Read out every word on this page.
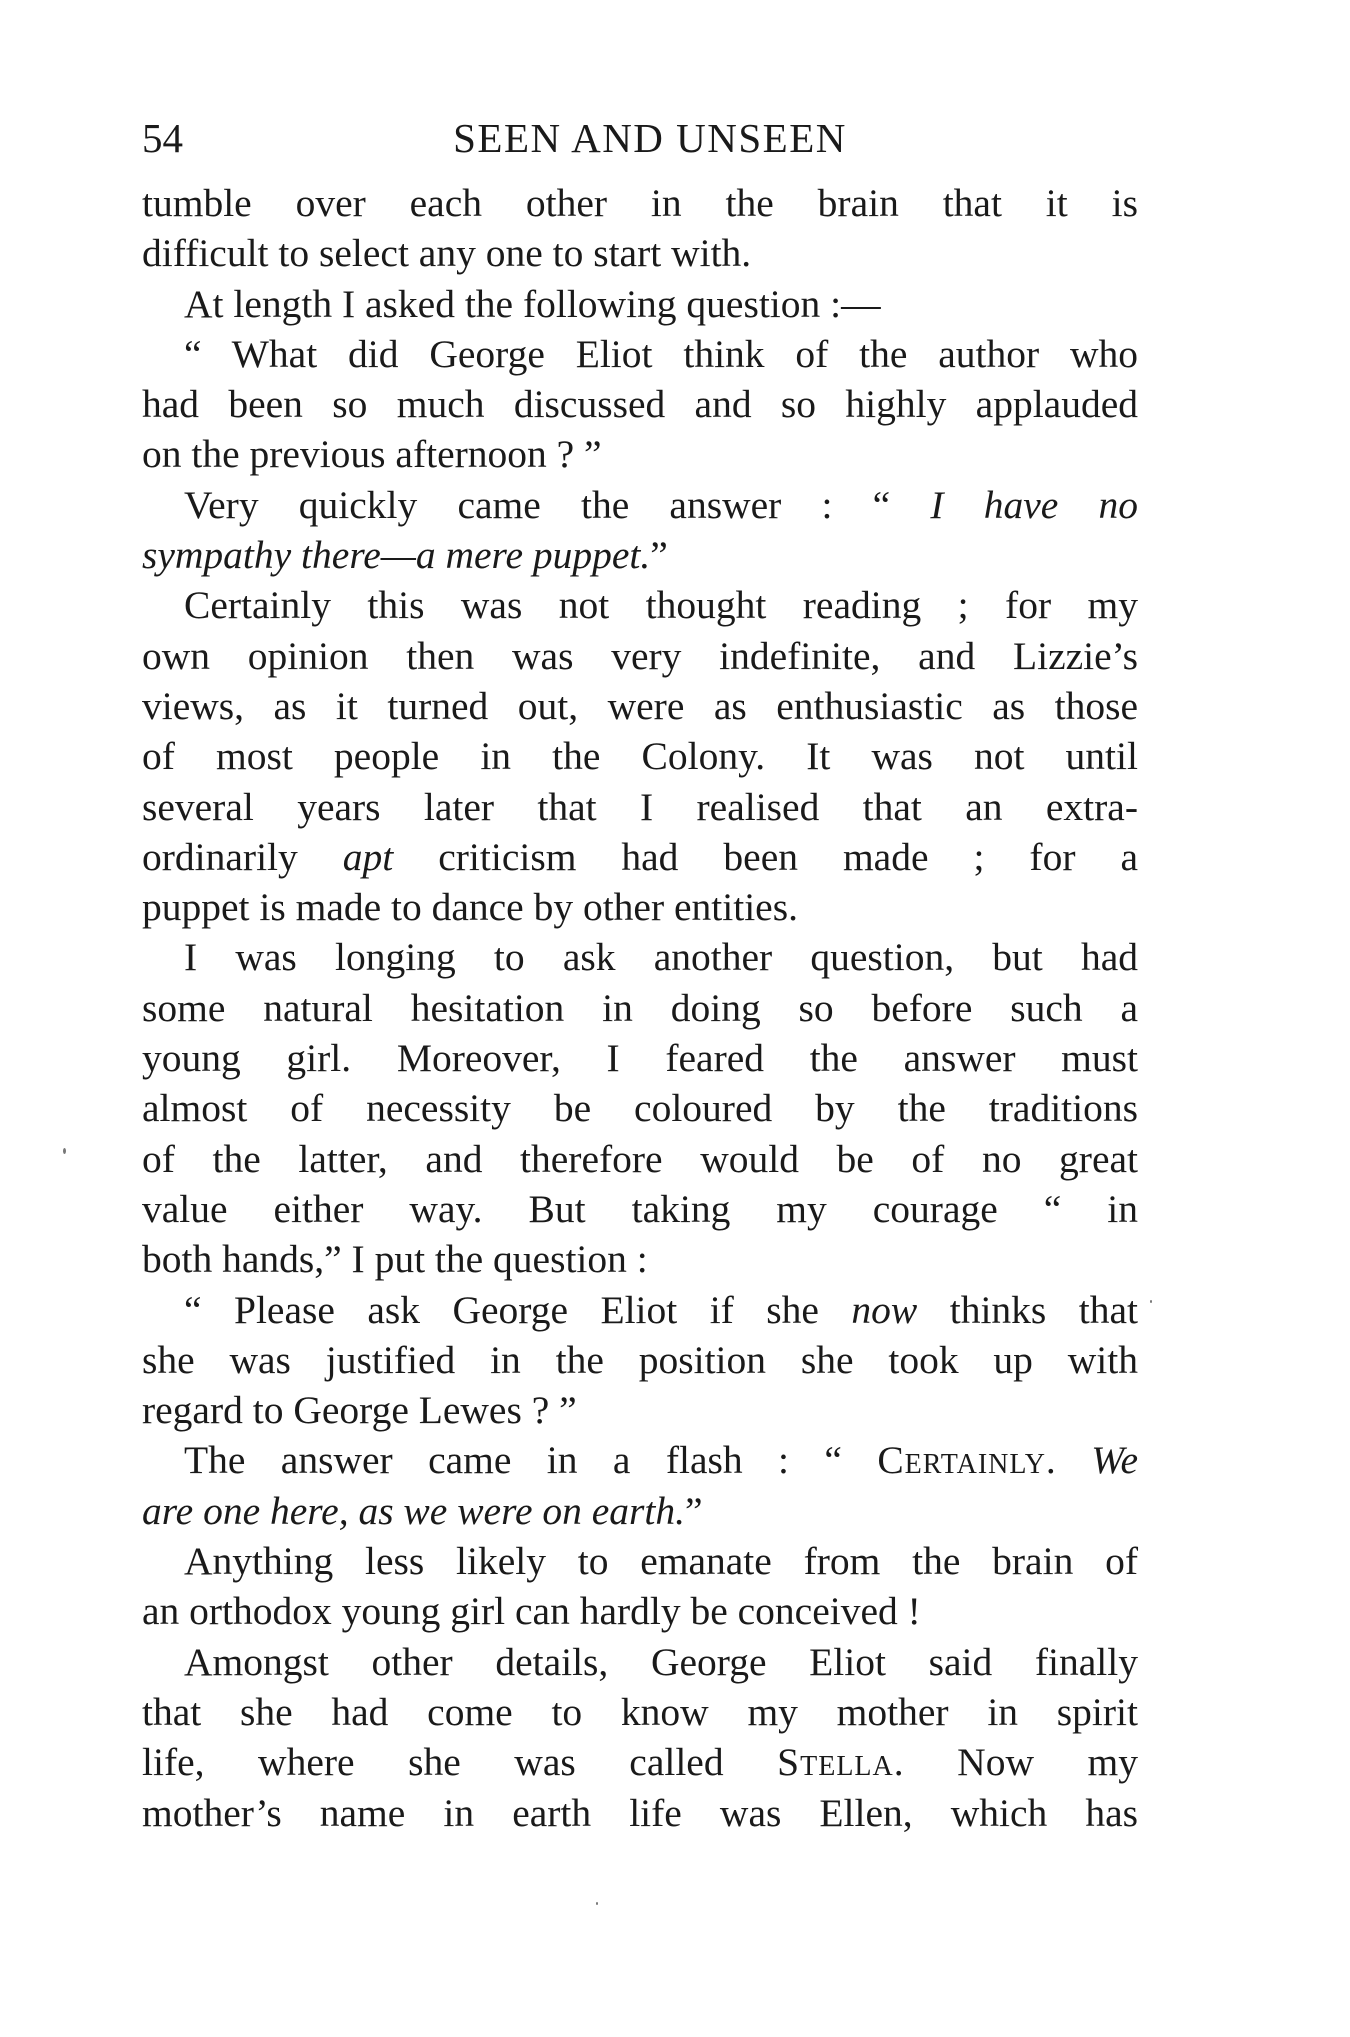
54	SEEN AND UNSEEN
tumble over each other in the brain that it is
difficult to select any one to start with.
At length I asked the following question :—
“ What did George Eliot think of the author who
had been so much discussed and so highly applauded
on the previous afternoon ? ”
Very quickly came the answer : “ I have no
sympathy there—a mere puppet.”
Certainly this was not thought reading ; for my
own opinion then was very indefinite, and Lizzie’s
views, as it turned out, were as enthusiastic as those
of most people in the Colony. It was not until
several years later that I realised that an extra-
ordinarily apt criticism had been made ; for a
puppet is made to dance by other entities.
I was longing to ask another question, but had
some natural hesitation in doing so before such a
young girl. Moreover, I feared the answer must
almost of necessity be coloured by the traditions
of the latter, and therefore would be of no great
value either way. But taking my courage “ in
both hands,” I put the question :
“ Please ask George Eliot if she now thinks that
she was justified in the position she took up with
regard to George Lewes ? ”
The answer came in a flash : “ Certainly. We
are one here, as we were on earth.”
Anything less likely to emanate from the brain of
an orthodox young girl can hardly be conceived !
Amongst other details, George Eliot said finally
that she had come to know my mother in spirit
life, where she was called Stella. Now my
mother’s name in earth life was Ellen, which has
